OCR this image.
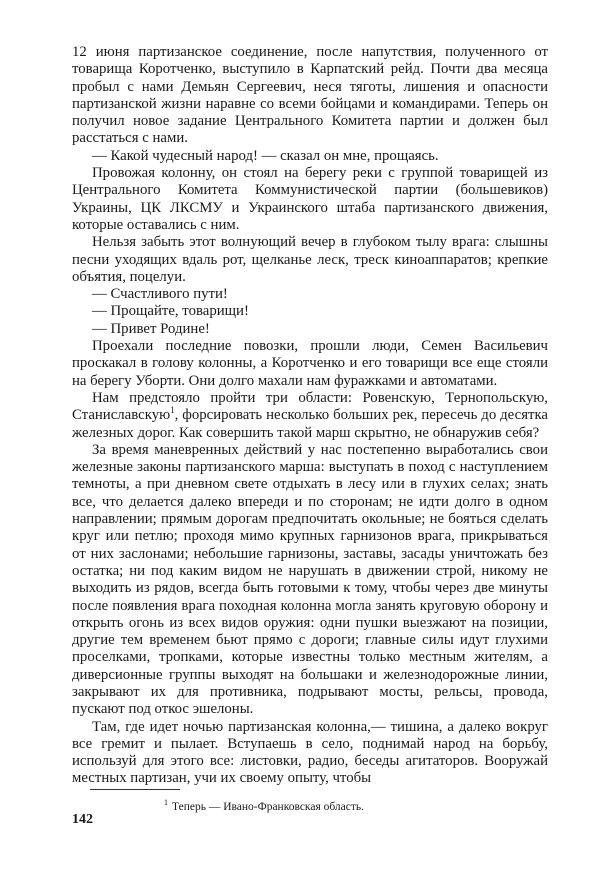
12 июня партизанское соединение, после напутствия, полученного от товарища Коротченко, выступило в Карпатский рейд. Почти два месяца пробыл с нами Демьян Сергеевич, неся тяготы, лишения и опасности партизанской жизни наравне со всеми бойцами и командирами. Теперь он получил новое задание Центрального Комитета партии и должен был расстаться с нами.

— Какой чудесный народ! — сказал он мне, прощаясь.

Провожая колонну, он стоял на берегу реки с группой товарищей из Центрального Комитета Коммунистической партии (большевиков) Украины, ЦК ЛКСМУ и Украинского штаба партизанского движения, которые оставались с ним.

Нельзя забыть этот волнующий вечер в глубоком тылу врага: слышны песни уходящих вдаль рот, щелканье леск, треск киноаппаратов; крепкие объятия, поцелуи.

— Счастливого пути!

— Прощайте, товарищи!

— Привет Родине!

Проехали последние повозки, прошли люди, Семен Васильевич проскакал в голову колонны, а Коротченко и его товарищи все еще стояли на берегу Уборти. Они долго махали нам фуражками и автоматами.

Нам предстояло пройти три области: Ровенскую, Тернопольскую, Станиславскую$^1$, форсировать несколько больших рек, пересечь до десятка железных дорог. Как совершить такой марш скрытно, не обнаружив себя?

За время маневренных действий у нас постепенно выработались свои железные законы партизанского марша: выступать в поход с наступлением темноты, а при дневном свете отдыхать в лесу или в глухих селах; знать все, что делается далеко впереди и по сторонам; не идти долго в одном направлении; прямым дорогам предпочитать окольные; не бояться сделать круг или петлю; проходя мимо крупных гарнизонов врага, прикрываться от них заслонами; небольшие гарнизоны, заставы, засады уничтожать без остатка; ни под каким видом не нарушать в движении строй, никому не выходить из рядов, всегда быть готовыми к тому, чтобы через две минуты после появления врага походная колонна могла занять круговую оборону и открыть огонь из всех видов оружия: одни пушки выезжают на позиции, другие тем временем бьют прямо с дороги; главные силы идут глухими проселками, тропками, которые известны только местным жителям, а диверсионные группы выходят на большаки и железнодорожные линии, закрывают их для противника, подрывают мосты, рельсы, провода, пускают под откос эшелоны.

Там, где идет ночью партизанская колонна,— тишина, а далеко вокруг все гремит и пылает. Вступаешь в село, поднимай народ на борьбу, используй для этого все: листовки, радио, беседы агитаторов. Вооружай местных партизан, учи их своему опыту, чтобы

$^1$ Теперь — Ивано-Франковская область.
142
